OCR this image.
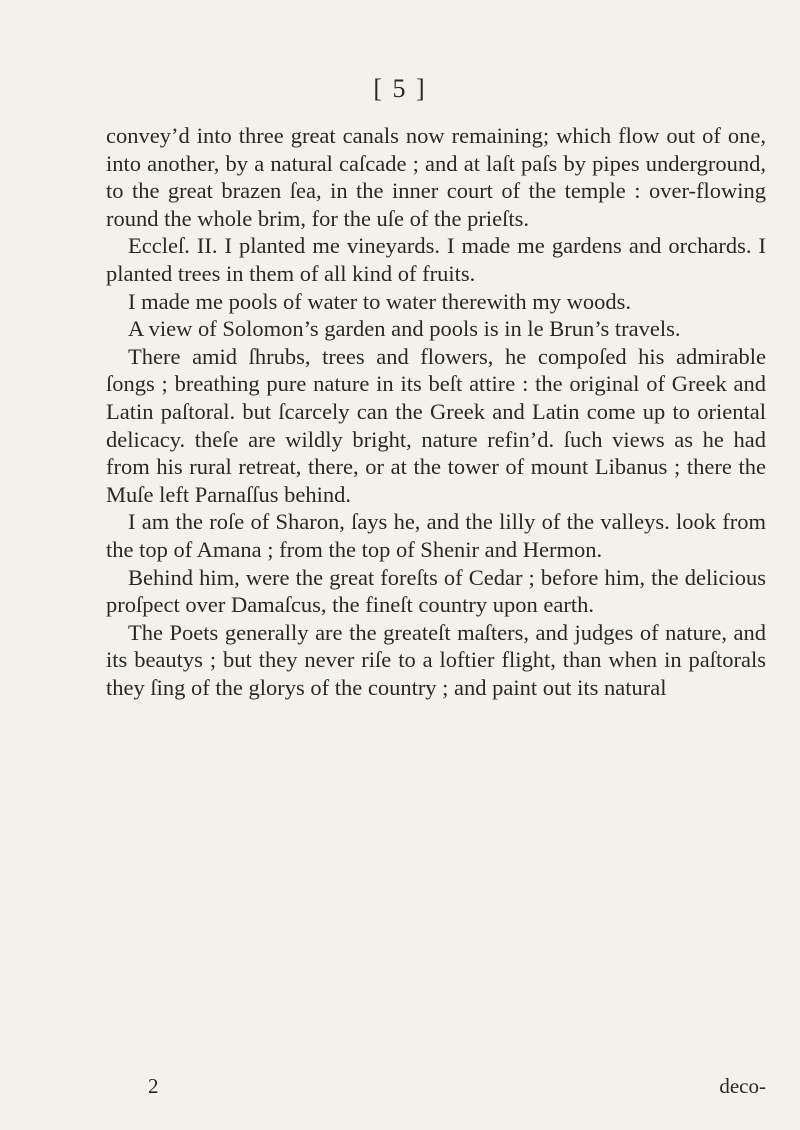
[ 5 ]

convey’d into three great canals now remaining; which flow out of one, into another, by a natural caſcade ; and at laſt paſs by pipes underground, to the great brazen ſea, in the inner court of the temple : over-flowing round the whole brim, for the uſe of the prieſts.

Eccleſ. II. I planted me vineyards. I made me gardens and orchards. I planted trees in them of all kind of fruits.

I made me pools of water to water therewith my woods.

A view of Solomon’s garden and pools is in le Brun’s travels.

There amid ſhrubs, trees and flowers, he compoſed his admirable ſongs ; breathing pure nature in its beſt attire : the original of Greek and Latin paſtoral. but ſcarcely can the Greek and Latin come up to oriental delicacy. theſe are wildly bright, nature refin’d. ſuch views as he had from his rural retreat, there, or at the tower of mount Libanus ; there the Muſe left Parnaſſus behind.

I am the roſe of Sharon, ſays he, and the lilly of the valleys. look from the top of Amana ; from the top of Shenir and Hermon.

Behind him, were the great foreſts of Cedar ; before him, the delicious proſpect over Damaſcus, the fineſt country upon earth.

The Poets generally are the greateſt maſters, and judges of nature, and its beautys ; but they never riſe to a loftier flight, than when in paſtorals they ſing of the glorys of the country ; and paint out its natural

2	deco-
